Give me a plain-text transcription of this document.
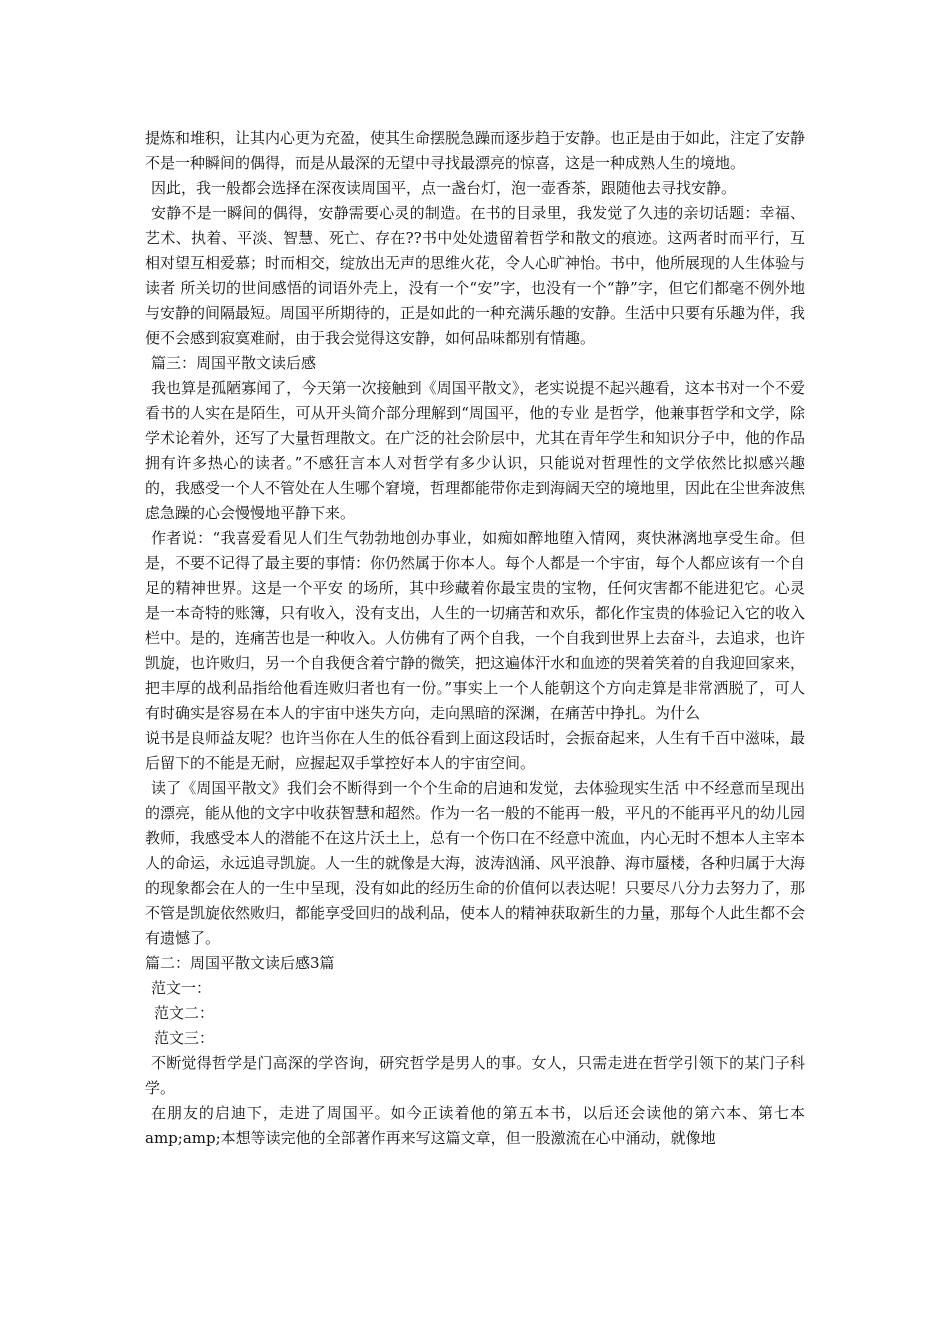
提炼和堆积，让其内心更为充盈，使其生命摆脱急躁而逐步趋于安静。也正是由于如此，注定了安静不是一种瞬间的偶得，而是从最深的无望中寻找最漂亮的惊喜，这是一种成熟人生的境地。

因此，我一般都会选择在深夜读周国平，点一盏台灯，泡一壶香茶，跟随他去寻找安静。

安静不是一瞬间的偶得，安静需要心灵的制造。在书的目录里，我发觉了久违的亲切话题：幸福、艺术、执着、平淡、智慧、死亡、存在??书中处处遗留着哲学和散文的痕迹。这两者时而平行，互相对望互相爱慕；时而相交，绽放出无声的思维火花，令人心旷神怡。书中，他所展现的人生体验与读者 所关切的世间感悟的词语外壳上，没有一个“安”字，也没有一个“静”字，但它们都毫不例外地与安静的间隔最短。周国平所期待的，正是如此的一种充满乐趣的安静。生活中只要有乐趣为伴，我便不会感到寂寞难耐，由于我会觉得这安静，如何品味都别有情趣。

篇三：周国平散文读后感

我也算是孤陋寡闻了，今天第一次接触到《周国平散文》，老实说提不起兴趣看，这本书对一个不爱 看书的人实在是陌生，可从开头简介部分理解到“周国平，他的专业 是哲学，他兼事哲学和文学，除学术论着外，还写了大量哲理散文。在广泛的社会阶层中，尤其在青年学生和知识分子中，他的作品拥有许多热心的读者。”不感狂言本人对哲学有多少认识，只能说对哲理性的文学依然比拟感兴趣的，我感受一个人不管处在人生哪个窘境，哲理都能带你走到海阔天空的境地里，因此在尘世奔波焦虑急躁的心会慢慢地平静下来。

作者说：“我喜爱看见人们生气勃勃地创办事业，如痴如醉地堕入情网，爽快淋漓地享受生命。但是，不要不记得了最主要的事情：你仍然属于你本人。每个人都是一个宇宙，每个人都应该有一个自足的精神世界。这是一个平安 的场所，其中珍藏着你最宝贵的宝物，任何灾害都不能进犯它。心灵 是一本奇特的账簿，只有收入，没有支出，人生的一切痛苦和欢乐，都化作宝贵的体验记入它的收入栏中。是的，连痛苦也是一种收入。人仿佛有了两个自我，一个自我到世界上去奋斗，去追求，也许凯旋，也许败归，另一个自我便含着宁静的微笑，把这遍体汗水和血迹的哭着笑着的自我迎回家来，把丰厚的战利品指给他看连败归者也有一份。”事实上一个人能朝这个方向走算是非常洒脱了，可人有时确实是容易在本人的宇宙中迷失方向，走向黑暗的深渊，在痛苦中挣扎。为什么

说书是良师益友呢？也许当你在人生的低谷看到上面这段话时，会振奋起来，人生有千百中滋味，最后留下的不能是无耐，应握起双手掌控好本人的宇宙空间。

读了《周国平散文》我们会不断得到一个个生命的启迪和发觉，去体验现实生活 中不经意而呈现出的漂亮，能从他的文字中收获智慧和超然。作为一名一般的不能再一般，平凡的不能再平凡的幼儿园教师，我感受本人的潜能不在这片沃土上，总有一个伤口在不经意中流血，内心无时不想本人主宰本人的命运，永远追寻凯旋。人一生的就像是大海，波涛汹涌、风平浪静、海市蜃楼，各种归属于大海的现象都会在人的一生中呈现，没有如此的经历生命的价值何以表达呢！只要尽八分力去努力了，那不管是凯旋依然败归，都能享受回归的战利品，使本人的精神获取新生的力量，那每个人此生都不会有遗憾了。

篇二：周国平散文读后感3篇

范文一：

范文二：

范文三：

不断觉得哲学是门高深的学咨询，研究哲学是男人的事。女人，只需走进在哲学引领下的某门子科学。

在朋友的启迪下，走进了周国平。如今正读着他的第五本书，以后还会读他的第六本、第七本 amp;amp;本想等读完他的全部著作再来写这篇文章，但一股激流在心中涌动，就像地
